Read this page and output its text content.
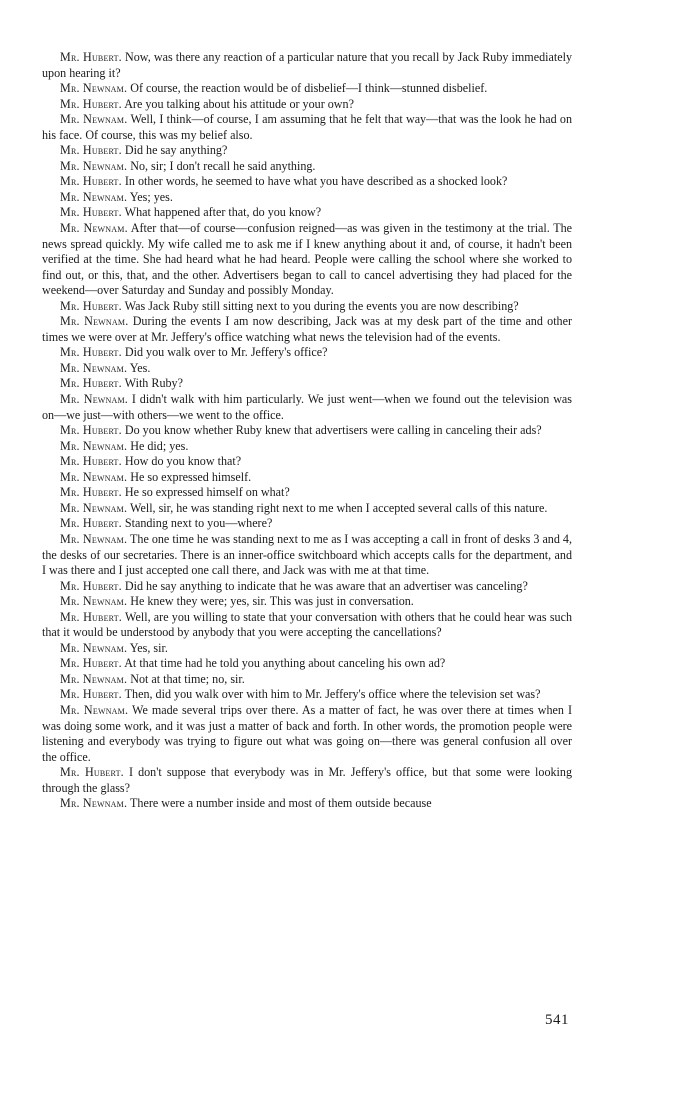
Mr. Hubert. Now, was there any reaction of a particular nature that you recall by Jack Ruby immediately upon hearing it?

Mr. Newnam. Of course, the reaction would be of disbelief—I think—stunned disbelief.

Mr. Hubert. Are you talking about his attitude or your own?

Mr. Newnam. Well, I think—of course, I am assuming that he felt that way—that was the look he had on his face. Of course, this was my belief also.

Mr. Hubert. Did he say anything?

Mr. Newnam. No, sir; I don't recall he said anything.

Mr. Hubert. In other words, he seemed to have what you have described as a shocked look?

Mr. Newnam. Yes; yes.

Mr. Hubert. What happened after that, do you know?

Mr. Newnam. After that—of course—confusion reigned—as was given in the testimony at the trial. The news spread quickly. My wife called me to ask me if I knew anything about it and, of course, it hadn't been verified at the time. She had heard what he had heard. People were calling the school where she worked to find out, or this, that, and the other. Advertisers began to call to cancel advertising they had placed for the weekend—over Saturday and Sunday and possibly Monday.

Mr. Hubert. Was Jack Ruby still sitting next to you during the events you are now describing?

Mr. Newnam. During the events I am now describing, Jack was at my desk part of the time and other times we were over at Mr. Jeffery's office watching what news the television had of the events.

Mr. Hubert. Did you walk over to Mr. Jeffery's office?

Mr. Newnam. Yes.

Mr. Hubert. With Ruby?

Mr. Newnam. I didn't walk with him particularly. We just went—when we found out the television was on—we just—with others—we went to the office.

Mr. Hubert. Do you know whether Ruby knew that advertisers were calling in canceling their ads?

Mr. Newnam. He did; yes.

Mr. Hubert. How do you know that?

Mr. Newnam. He so expressed himself.

Mr. Hubert. He so expressed himself on what?

Mr. Newnam. Well, sir, he was standing right next to me when I accepted several calls of this nature.

Mr. Hubert. Standing next to you—where?

Mr. Newnam. The one time he was standing next to me as I was accepting a call in front of desks 3 and 4, the desks of our secretaries. There is an inner-office switchboard which accepts calls for the department, and I was there and I just accepted one call there, and Jack was with me at that time.

Mr. Hubert. Did he say anything to indicate that he was aware that an advertiser was canceling?

Mr. Newnam. He knew they were; yes, sir. This was just in conversation.

Mr. Hubert. Well, are you willing to state that your conversation with others that he could hear was such that it would be understood by anybody that you were accepting the cancellations?

Mr. Newnam. Yes, sir.

Mr. Hubert. At that time had he told you anything about canceling his own ad?

Mr. Newnam. Not at that time; no, sir.

Mr. Hubert. Then, did you walk over with him to Mr. Jeffery's office where the television set was?

Mr. Newnam. We made several trips over there. As a matter of fact, he was over there at times when I was doing some work, and it was just a matter of back and forth. In other words, the promotion people were listening and everybody was trying to figure out what was going on—there was general confusion all over the office.

Mr. Hubert. I don't suppose that everybody was in Mr. Jeffery's office, but that some were looking through the glass?

Mr. Newnam. There were a number inside and most of them outside because

541
